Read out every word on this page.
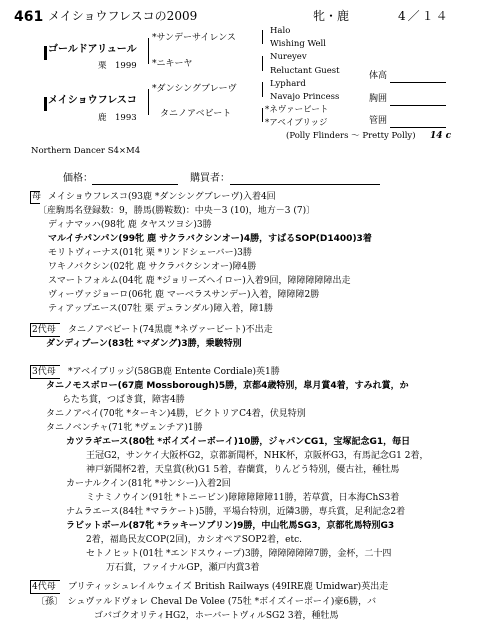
461 メイショウフレスコの2009	牝・鹿	4／１４
ゴールドアリュール
栗　1999
メイショウフレスコ
鹿　1993
*サンデーサイレンス
*ニキーヤ
*ダンシングブレーヴ
タニノアベビート
Halo
Wishing Well
Nureyev
Reluctant Guest
Lyphard
Navajo Princess
*ネヴァービート
*アベイブリッジ
(Polly Flinders ～ Pretty Polly) 14 c
Northern Dancer S4×M4
体高
胸囲
管囲
価格：	購買者：
母 メイショウフレスコ(93鹿 *ダンシングブレーヴ)入着4回
〔産駒馬名登録数：9，勝馬(勝鞍数)：中央－3 (10)，地方－3 (7)〕
ディナマッハ(98牝 鹿 タヤスツヨシ)3勝
マルイチパンパン(99牝 鹿 サクラバクシンオー)4勝，すばるSOP(D1400)3着
モリトヴィーナス(01牝 栗 *リンドシェーバー)3勝
ワキノバクシン(02牝 鹿 サクラバクシンオー)障4勝
スマートフォルム(04牝 鹿 *ジョリーズヘイロー)入着9回，障障障障障出走
ヴィーヴァジョーロ(06牝 鹿 マーベラスサンデー)入着，障障障2勝
ティアップエース(07牡 栗 デュランダル)障入着，障1勝
2代母 タニノアベビート(74黒鹿 *ネヴァービート)不出走
ダンディブーン(83牡 *マダング)3勝，乗駿特別
3代母 *アベイブリッジ(58GB鹿 Entente Cordiale)英1勝
タニノモスボロー(67鹿 Mossborough)5勝，京都4歳特別，皐月賞4着，すみれ賞，か
らたち賞，つばき賞，障害4勝
タニノアベイ(70牝 *ターキン)4勝，ビクトリアC4着，伏見特別
タニノベンチャ(71牝 *ヴェンチア)1勝
カツラギエース(80牡 *ボイズイーボーイ)10勝，ジャパンCG1，宝塚記念G1，毎日
王冠G2，サンケイ大阪杯G2，京都新聞杯，NHK杯，京阪杯G3，有馬記念G1 2着，
神戸新聞杯2着，天皇賞(秋)G1 5着，春蘭賞，りんどう特別，優古社，種牡馬
カーナルクイン(81牝 *サンシー)入着2回
ミナミノウイン(91牡 *トニービン)障障障障障11勝，若草賞，日本海ChS3着
ナムラエース(84牡 *マラケート)5勝，平場台特別，近隣3勝，専兵賞，足利記念2着
ラビットボール(87牝 *ラッキーソブリン)9勝，中山牝馬SG3，京都牝馬特別G3
2着，福島民友COP(2回)，カシオペアSOP2着，etc.
セトノヒット(01牡 *エンドスウィープ)3勝，障障障障障7勝，金杯，二十四
万石賞，ファイナルGP，瀬戸内賞3着
4代母 ブリティッシュレイルウェイズ British Railways (49IRE鹿 Umidwar)英出走
〔孫〕　シュヴァルドヴォレ Cheval De Volee (75牡 *ボイズイーボーイ)豪6勝，バ
ゴバゴクオリティHG2，ホーバートヴィルSG2 3着，種牡馬
